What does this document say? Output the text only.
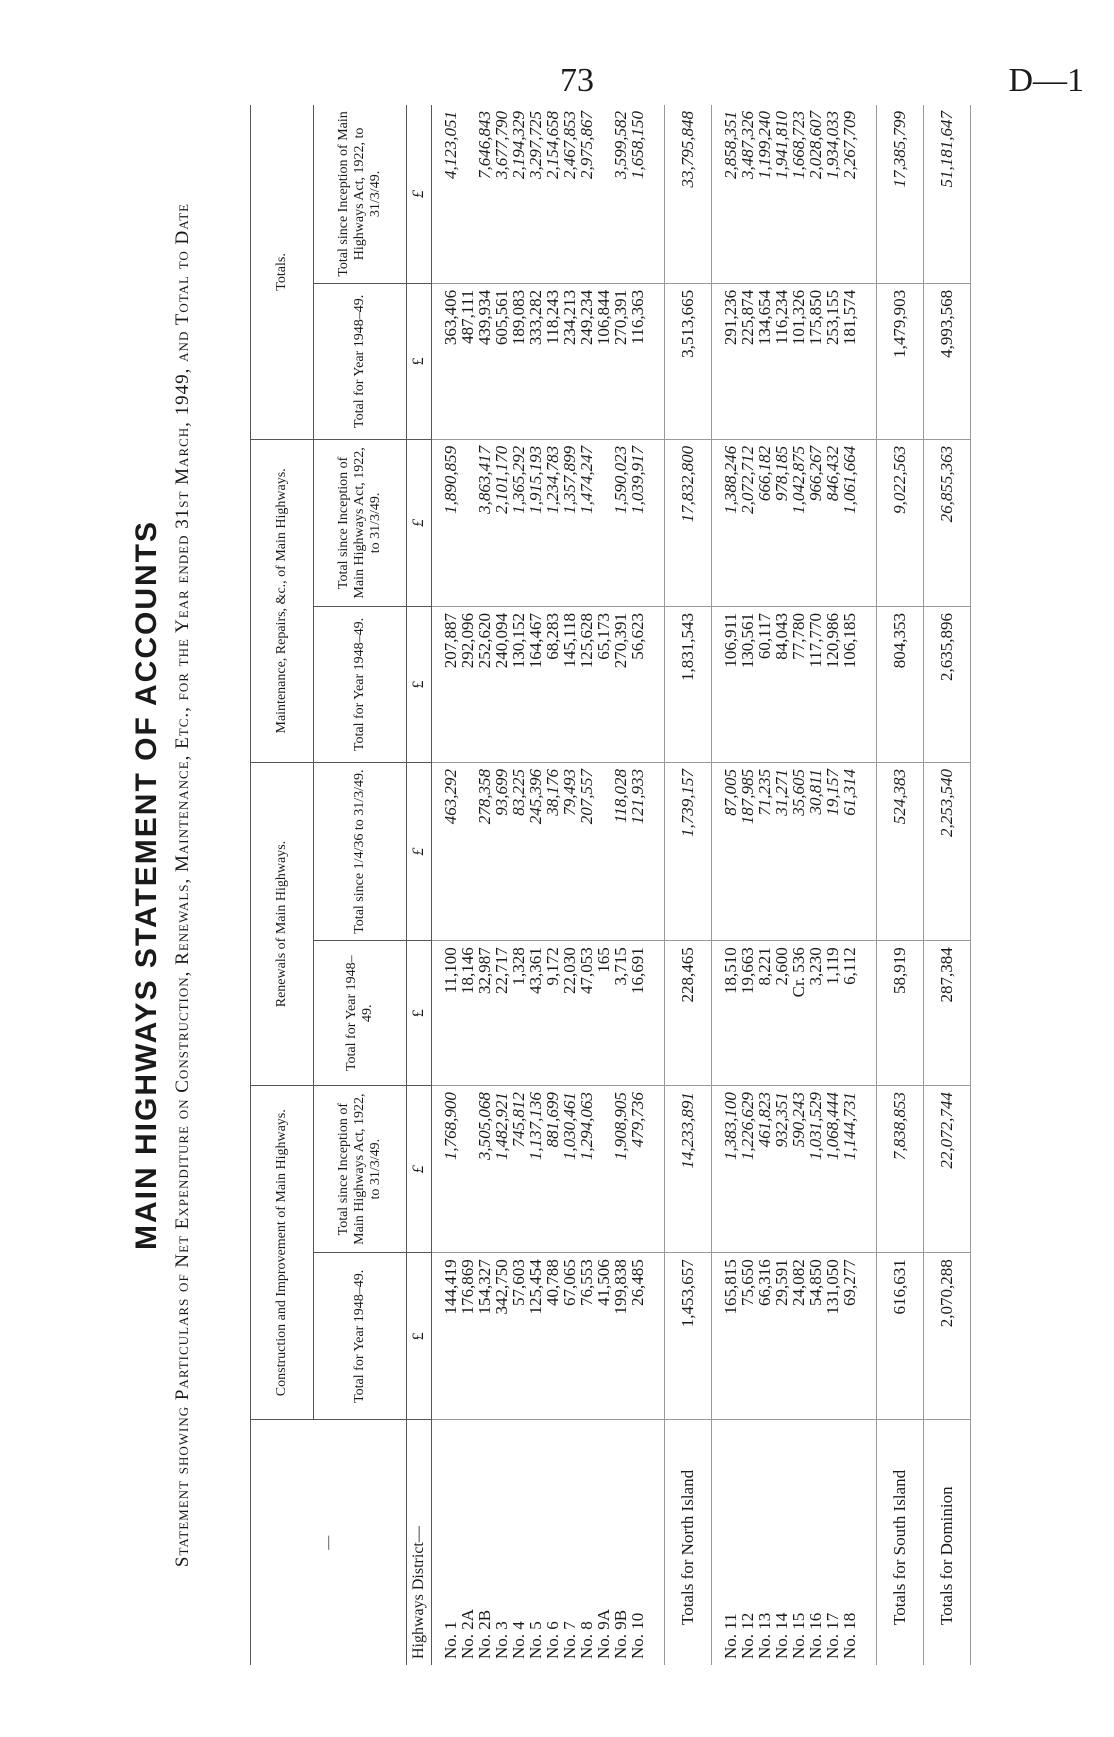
73	D—1
MAIN HIGHWAYS STATEMENT OF ACCOUNTS Statement showing Particulars of Net Expenditure on Construction, Renewals, Maintenance, Etc., for the Year ended 31st March, 1949, and Total to Date	—	Construction and Improvement of Main Highways.		Renewals of Main Highways.		Maintenance, Repairs, &c., of Main Highways.		Totals.	
	Total for Year 1948–49.	Total since Inception of Main Highways Act, 1922, to 31/3/49.	Total for Year 1948–49.	Total since 1/4/36 to 31/3/49.	Total for Year 1948–49.	Total since Inception of Main Highways Act, 1922, to 31/3/49.	Total for Year 1948–49.	Total since Inception of Main Highways Act, 1922, to 31/3/49.
Highways District—	£	£	£	£	£	£	£	£

No. 1	144,419	1,768,900	11,100	463,292	207,887	1,890,859	363,406	4,123,051
No. 2A	176,869		18,146		292,096		487,111	
No. 2B	154,327	3,505,068	32,987	278,358	252,620	3,863,417	439,934	7,646,843
No. 3	342,750	1,482,921	22,717	93,699	240,094	2,101,170	605,561	3,677,790
No. 4	57,603	745,812	1,328	83,225	130,152	1,365,292	189,083	2,194,329
No. 5	125,454	1,137,136	43,361	245,396	164,467	1,915,193	333,282	3,297,725
No. 6	40,788	881,699	9,172	38,176	68,283	1,234,783	118,243	2,154,658
No. 7	67,065	1,030,461	22,030	79,493	145,118	1,357,899	234,213	2,467,853
No. 8	76,553	1,294,063	47,053	207,557	125,628	1,474,247	249,234	2,975,867
No. 9A	41,506		165		65,173		106,844	
No. 9B	199,838	1,908,905	3,715	118,028	270,391	1,590,023	270,391	3,599,582
No. 10	26,485	479,736	16,691	121,933	56,623	1,039,917	116,363	1,658,150

Totals for North Island	1,453,657	14,233,891	228,465	1,739,157	1,831,543	17,832,800	3,513,665	33,795,848

No. 11	165,815	1,383,100	18,510	87,005	106,911	1,388,246	291,236	2,858,351
No. 12	75,650	1,226,629	19,663	187,985	130,561	2,072,712	225,874	3,487,326
No. 13	66,316	461,823	8,221	71,235	60,117	666,182	134,654	1,199,240
No. 14	29,591	932,351	2,600	31,271	84,043	978,185	116,234	1,941,810
No. 15	24,082	590,243	Cr. 536	35,605	77,780	1,042,875	101,326	1,668,723
No. 16	54,850	1,031,529	3,230	30,811	117,770	966,267	175,850	2,028,607
No. 17	131,050	1,068,444	1,119	19,157	120,986	846,432	253,155	1,934,033
No. 18	69,277	1,144,731	6,112	61,314	106,185	1,061,664	181,574	2,267,709

Totals for South Island	616,631	7,838,853	58,919	524,383	804,353	9,022,563	1,479,903	17,385,799
Totals for Dominion	2,070,288	22,072,744	287,384	2,253,540	2,635,896	26,855,363	4,993,568	51,181,647
